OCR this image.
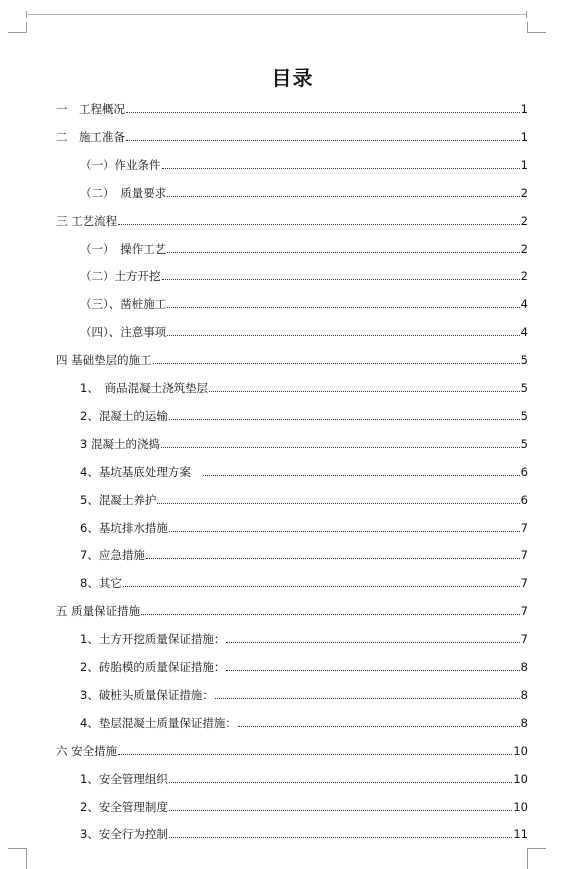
目录
一　工程概况	1
二　施工准备	1
（一）作业条件	1
（二）　质量要求	2
三 工艺流程	2
（一）　操作工艺	2
（二）土方开挖	2
（三）、凿桩施工	4
（四）、注意事项	4
四 基础垫层的施工	5
1、　商品混凝土浇筑垫层	5
2、混凝土的运输	5
3 混凝土的浇捣	5
4、基坑基底处理方案　	6
5、混凝土养护	6
6、基坑排水措施	7
7、应急措施	7
8、其它	7
五 质量保证措施	7
1、土方开挖质量保证措施：	7
2、砖胎模的质量保证措施：	8
3、破桩头质量保证措施：	8
4、垫层混凝土质量保证措施：	8
六 安全措施	10
1、安全管理组织	10
2、安全管理制度	10
3、安全行为控制	11
